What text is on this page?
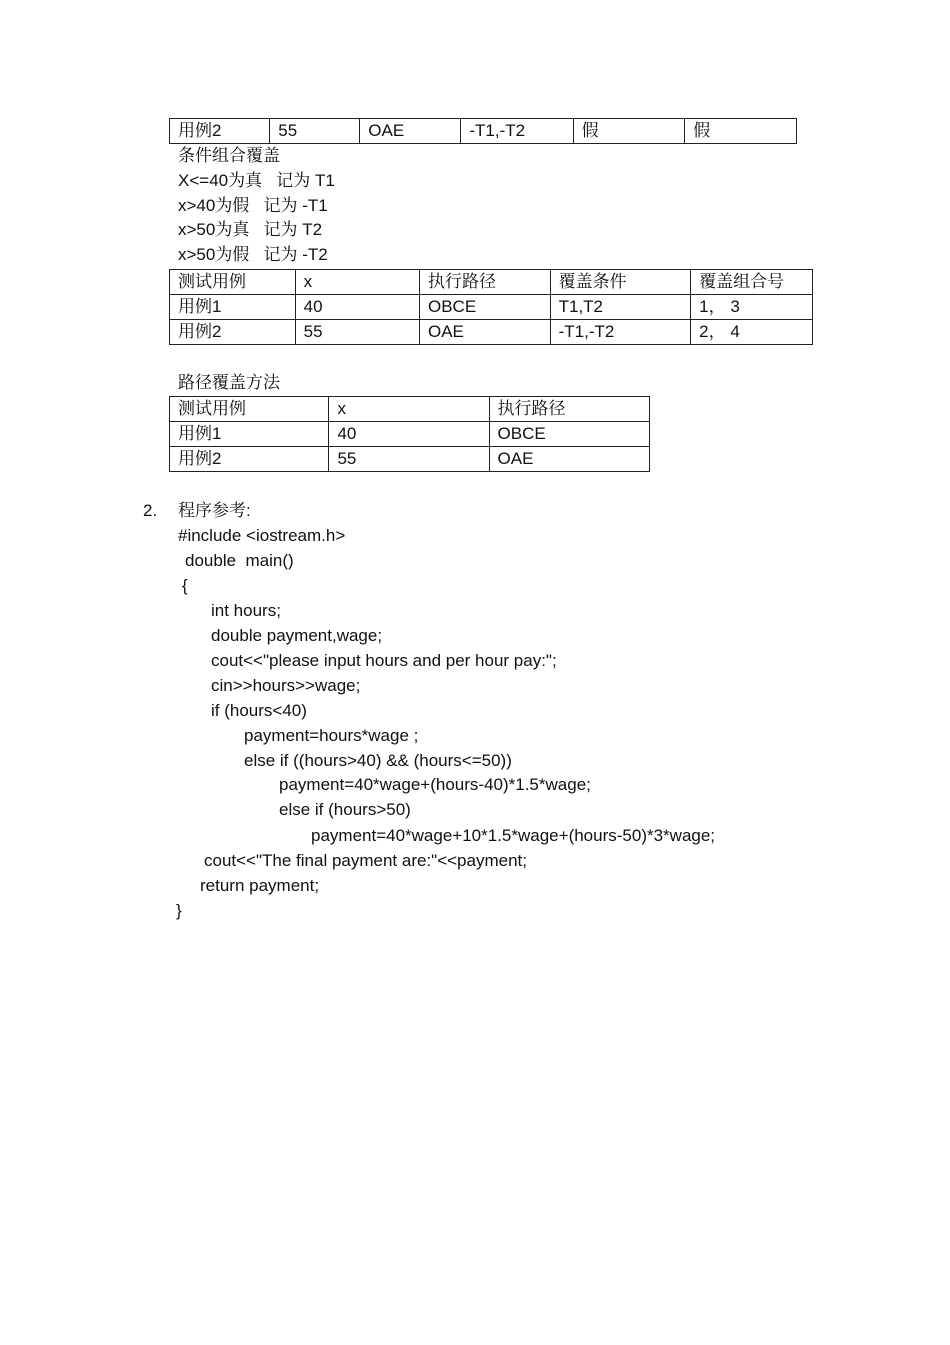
用例2	55	OAE	-T1,-T2	假	假
条件组合覆盖
X<=40为真   记为 T1
x>40为假   记为 -T1
x>50为真   记为 T2
x>50为假   记为 -T2
测试用例	x	执行路径	覆盖条件	覆盖组合号
用例1	40	OBCE	T1,T2	1， 3
用例2	55	OAE	-T1,-T2	2， 4
路径覆盖方法
测试用例	x	执行路径
用例1	40	OBCE
用例2	55	OAE
2. 程序参考:
#include <iostream.h>
double  main()
{
int hours;
double payment,wage;
cout<<"please input hours and per hour pay:";
cin>>hours>>wage;
if (hours<40)
payment=hours*wage ;
else if ((hours>40) && (hours<=50))
payment=40*wage+(hours-40)*1.5*wage;
else if (hours>50)
payment=40*wage+10*1.5*wage+(hours-50)*3*wage;
cout<<"The final payment are:"<<payment;
return payment;
}
